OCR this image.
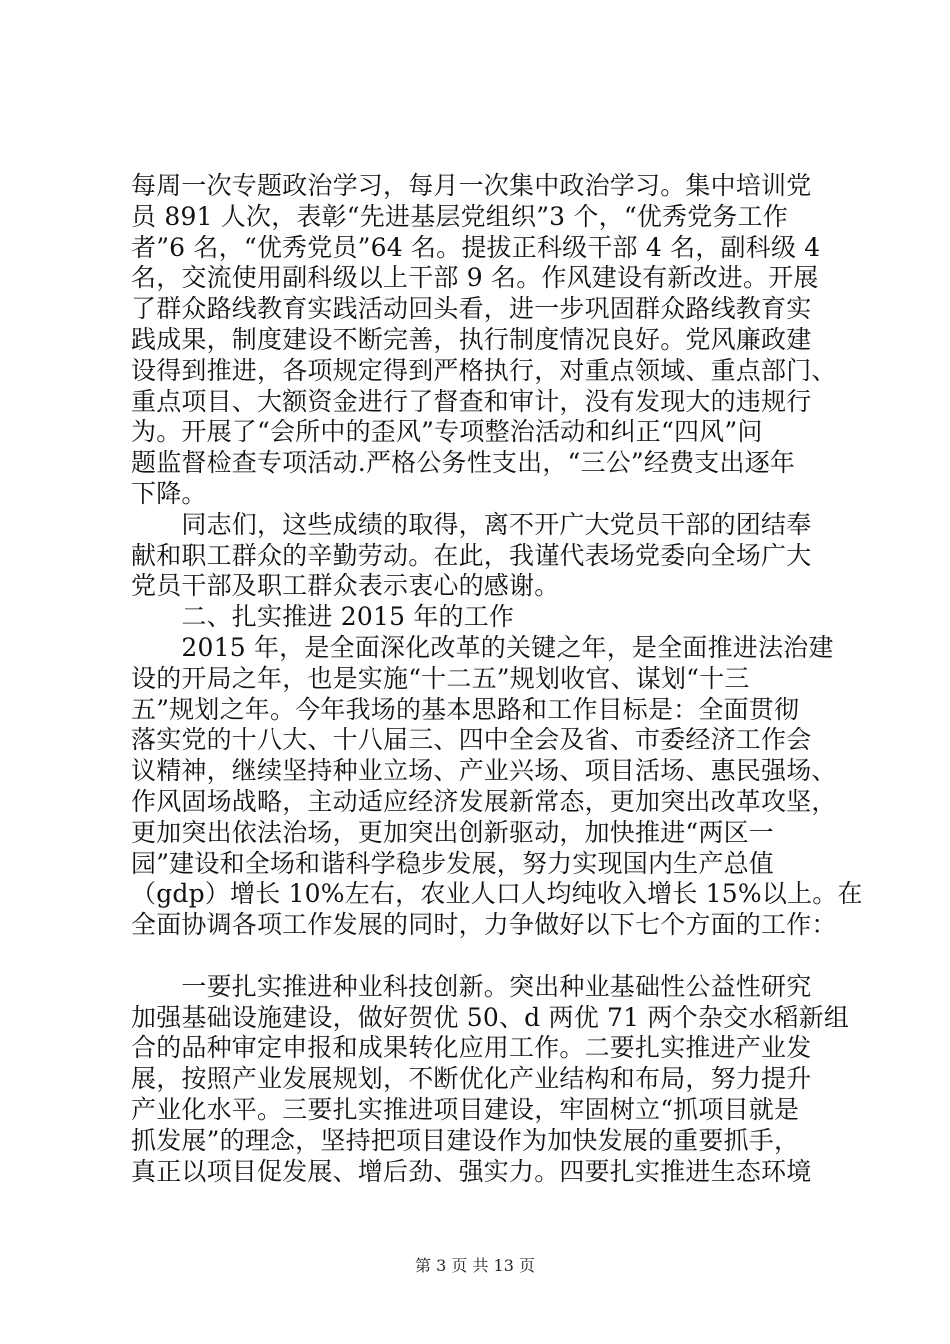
每周一次专题政治学习，每月一次集中政治学习。集中培训党
员 891 人次，表彰“先进基层党组织”3 个，“优秀党务工作
者”6 名，“优秀党员”64 名。提拔正科级干部 4 名，副科级 4
名，交流使用副科级以上干部 9 名。作风建设有新改进。开展
了群众路线教育实践活动回头看，进一步巩固群众路线教育实
践成果，制度建设不断完善，执行制度情况良好。党风廉政建
设得到推进，各项规定得到严格执行，对重点领域、重点部门、
重点项目、大额资金进行了督查和审计，没有发现大的违规行
为。开展了“会所中的歪风”专项整治活动和纠正“四风”问
题监督检查专项活动.严格公务性支出，“三公”经费支出逐年
下降。
　　同志们，这些成绩的取得，离不开广大党员干部的团结奉
献和职工群众的辛勤劳动。在此，我谨代表场党委向全场广大
党员干部及职工群众表示衷心的感谢。
　　二、扎实推进 2015 年的工作
　　2015 年，是全面深化改革的关键之年，是全面推进法治建
设的开局之年，也是实施“十二五”规划收官、谋划“十三
五”规划之年。今年我场的基本思路和工作目标是：全面贯彻
落实党的十八大、十八届三、四中全会及省、市委经济工作会
议精神，继续坚持种业立场、产业兴场、项目活场、惠民强场、
作风固场战略，主动适应经济发展新常态，更加突出改革攻坚，
更加突出依法治场，更加突出创新驱动，加快推进“两区一
园”建设和全场和谐科学稳步发展，努力实现国内生产总值
（gdp）增长 10%左右，农业人口人均纯收入增长 15%以上。在
全面协调各项工作发展的同时，力争做好以下七个方面的工作：
　　一要扎实推进种业科技创新。突出种业基础性公益性研究
加强基础设施建设，做好贺优 50、d 两优 71 两个杂交水稻新组
合的品种审定申报和成果转化应用工作。二要扎实推进产业发
展，按照产业发展规划，不断优化产业结构和布局，努力提升
产业化水平。三要扎实推进项目建设，牢固树立“抓项目就是
抓发展”的理念，坚持把项目建设作为加快发展的重要抓手，
真正以项目促发展、增后劲、强实力。四要扎实推进生态环境
第 3 页 共 13 页
